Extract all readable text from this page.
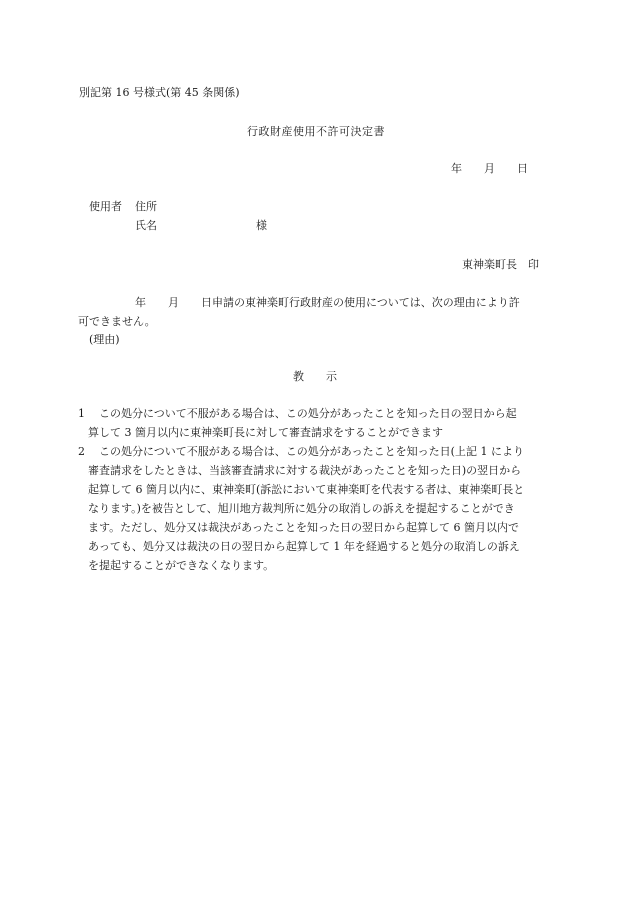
別記第 16 号様式(第 45 条関係)

行政財産使用不許可決定書

年　　月　　日

使用者 住所

氏名	様

東神楽町長　印

年　　月　　日申請の東神楽町行政財産の使用については、次の理由により許

可できません。

(理由)

教　　示

1 　この処分について不服がある場合は、この処分があったことを知った日の翌日から起
算して 3 箇月以内に東神楽町長に対して審査請求をすることができます
2 　この処分について不服がある場合は、この処分があったことを知った日(上記 1 により
審査請求をしたときは、当該審査請求に対する裁決があったことを知った日)の翌日から
起算して 6 箇月以内に、東神楽町(訴訟において東神楽町を代表する者は、東神楽町長と
なります。)を被告として、旭川地方裁判所に処分の取消しの訴えを提起することができ
ます。ただし、処分又は裁決があったことを知った日の翌日から起算して 6 箇月以内で
あっても、処分又は裁決の日の翌日から起算して 1 年を経過すると処分の取消しの訴え
を提起することができなくなります。
